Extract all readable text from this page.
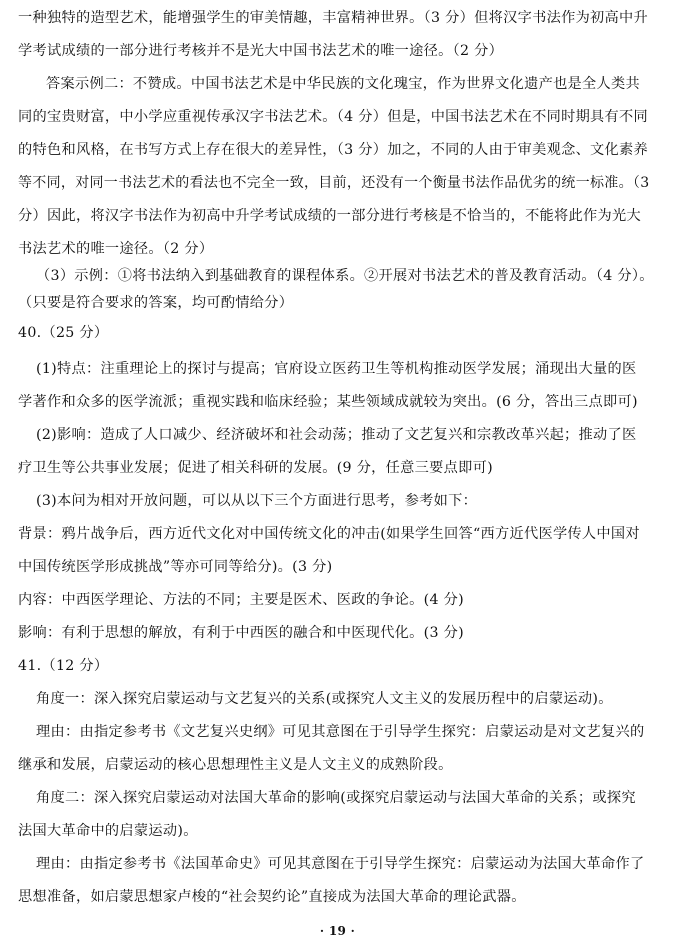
一种独特的造型艺术，能增强学生的审美情趣，丰富精神世界。（3 分）但将汉字书法作为初高中升
学考试成绩的一部分进行考核并不是光大中国书法艺术的唯一途径。（2 分）
答案示例二：不赞成。中国书法艺术是中华民族的文化瑰宝，作为世界文化遗产也是全人类共
同的宝贵财富，中小学应重视传承汉字书法艺术。（4 分）但是，中国书法艺术在不同时期具有不同
的特色和风格，在书写方式上存在很大的差异性，（3 分）加之，不同的人由于审美观念、文化素养
等不同，对同一书法艺术的看法也不完全一致，目前，还没有一个衡量书法作品优劣的统一标准。（3
分）因此，将汉字书法作为初高中升学考试成绩的一部分进行考核是不恰当的，不能将此作为光大
书法艺术的唯一途径。（2 分）
（3）示例：①将书法纳入到基础教育的课程体系。②开展对书法艺术的普及教育活动。（4 分）。
（只要是符合要求的答案，均可酌情给分）
40.（25 分）
(1)特点：注重理论上的探讨与提高；官府设立医药卫生等机构推动医学发展；涌现出大量的医
学著作和众多的医学流派；重视实践和临床经验；某些领域成就较为突出。(6 分，答出三点即可)
(2)影响：造成了人口减少、经济破坏和社会动荡；推动了文艺复兴和宗教改革兴起；推动了医
疗卫生等公共事业发展；促进了相关科研的发展。(9 分，任意三要点即可)
(3)本问为相对开放问题，可以从以下三个方面进行思考，参考如下：
背景：鸦片战争后，西方近代文化对中国传统文化的冲击(如果学生回答“西方近代医学传人中国对
中国传统医学形成挑战”等亦可同等给分)。(3 分)
内容：中西医学理论、方法的不同；主要是医术、医政的争论。(4 分)
影响：有利于思想的解放，有利于中西医的融合和中医现代化。(3 分)
41.（12 分）
角度一：深入探究启蒙运动与文艺复兴的关系(或探究人文主义的发展历程中的启蒙运动)。
理由：由指定参考书《文艺复兴史纲》可见其意图在于引导学生探究：启蒙运动是对文艺复兴的
继承和发展，启蒙运动的核心思想理性主义是人文主义的成熟阶段。
角度二：深入探究启蒙运动对法国大革命的影响(或探究启蒙运动与法国大革命的关系；或探究
法国大革命中的启蒙运动)。
理由：由指定参考书《法国革命史》可见其意图在于引导学生探究：启蒙运动为法国大革命作了
思想准备，如启蒙思想家卢梭的“社会契约论”直接成为法国大革命的理论武器。
· 19 ·
